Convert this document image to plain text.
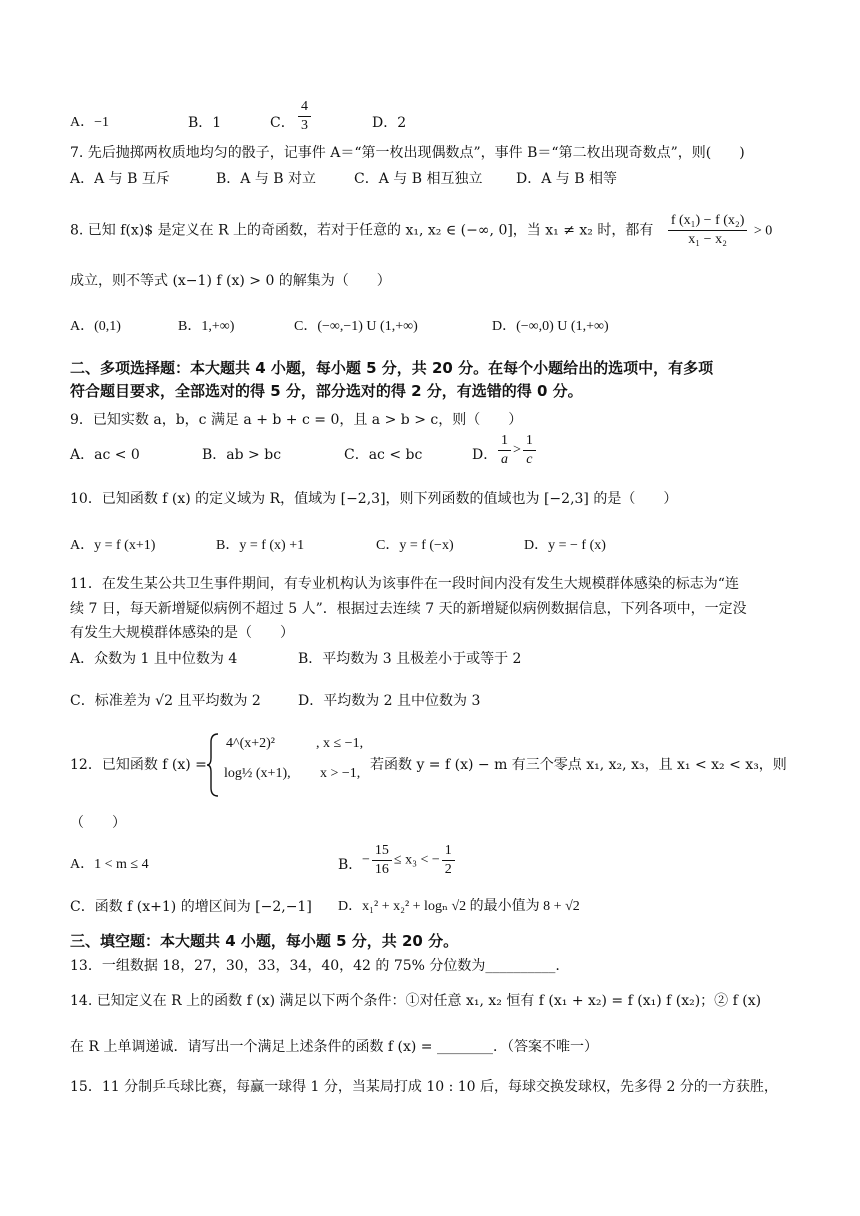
A．−1	B．1	C． $\frac{4}{3}$	D．2
7. 先后抛掷两枚质地均匀的骰子，记事件 A＝“第一枚出现偶数点”，事件 B＝“第二枚出现奇数点”，则(　　)
A．A 与 B 互斥	B．A 与 B 对立	C．A 与 B 相互独立 D．A 与 B 相等
8. 已知 f(x)$ 是定义在 R 上的奇函数，若对于任意的 x₁, x₂ ∈ (−∞, 0]，当 x₁ ≠ x₂ 时，都有 $\frac{\text{f (x₁) − f (x₂)}}{\text{x₁ − x₂}} > 0$
成立，则不等式 (x−1) f (x) > 0 的解集为（　　）
A．(0,1)	B．1,+∞)	C．(−∞,−1) U (1,+∞)	D．(−∞,0) U (1,+∞)
二、多项选择题：本大题共 4 小题，每小题 5 分，共 20 分。在每个小题给出的选项中，有多项
符合题目要求，全部选对的得 5 分，部分选对的得 2 分，有选错的得 0 分。
9．已知实数 a，b，c 满足 a + b + c = 0，且 a > b > c，则（　　）
A．ac < 0	B．ab > bc	C．ac < bc	D． $\frac{1}{a} > \frac{1}{c}$
10．已知函数 f (x) 的定义域为 R，值域为 [−2,3]，则下列函数的值域也为 [−2,3] 的是（　　）
A．y = f (x+1)	B．y = f (x) +1	C．y = f (−x)	D．y = − f (x)
11．在发生某公共卫生事件期间，有专业机构认为该事件在一段时间内没有发生大规模群体感染的标志为“连
续 7 日，每天新增疑似病例不超过 5 人”．根据过去连续 7 天的新增疑似病例数据信息，下列各项中，一定没
有发生大规模群体感染的是（　　）
A．众数为 1 且中位数为 4	B．平均数为 3 且极差小于或等于 2
C．标准差为 √2 且平均数为 2	D．平均数为 2 且中位数为 3
12．已知函数 f (x) =
4^(x+2)²	, x ≤ −1,
log½ (x+1), x > −1,
若函数 y = f (x) − m 有三个零点 x₁, x₂, x₃，且 x₁ < x₂ < x₃，则
（　　）
A．1 < m ≤ 4	B． − $\frac{15}{16} \le x_3$ < − $\frac{1}{2}$
C．函数 f (x+1) 的增区间为 [−2,−1] D．x₁² + x₂² + logₙ √2 的最小值为 8 + √2
三、填空题：本大题共 4 小题，每小题 5 分，共 20 分。
13．一组数据 18，27，30，33，34，40，42 的 75% 分位数为__________.
14. 已知定义在 R 上的函数 f (x) 满足以下两个条件：①对任意 x₁, x₂ 恒有 f (x₁ + x₂) = f (x₁) f (x₂)；② f (x)
在 R 上单调递诚．请写出一个满足上述条件的函数 f (x) = ________．（答案不唯一）
15．11 分制乒乓球比赛，每赢一球得 1 分，当某局打成 10 : 10 后，每球交换发球权，先多得 2 分的一方获胜，
